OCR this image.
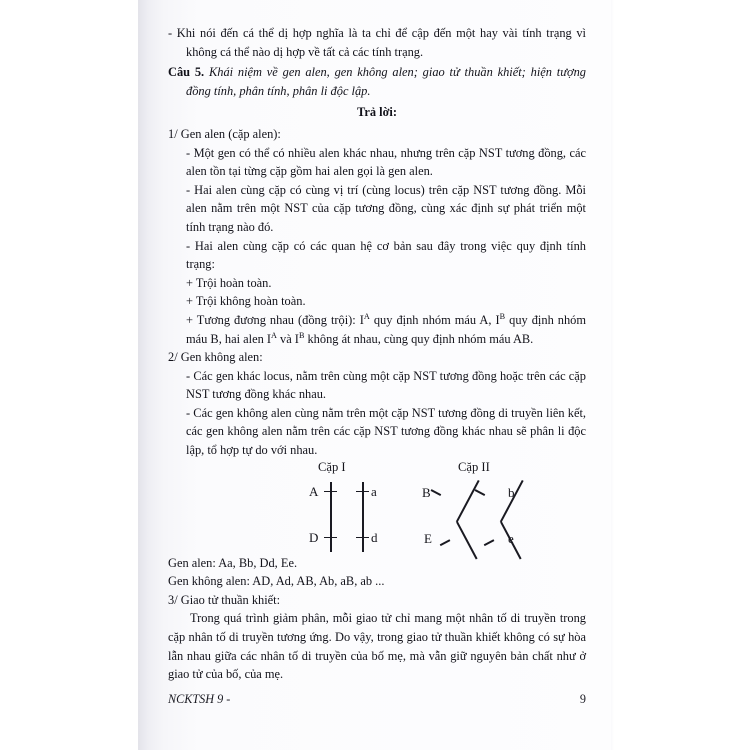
- Khi nói đến cá thể dị hợp nghĩa là ta chỉ để cập đến một hay vài tính trạng vì không cá thể nào dị hợp về tất cả các tính trạng.

Câu 5. Khái niệm về gen alen, gen không alen; giao tử thuần khiết; hiện tượng đồng tính, phân tính, phân li độc lập.

Trả lời:

1/ Gen alen (cặp alen):

- Một gen có thể có nhiều alen khác nhau, nhưng trên cặp NST tương đồng, các alen tồn tại từng cặp gồm hai alen gọi là gen alen.

- Hai alen cùng cặp có cùng vị trí (cùng locus) trên cặp NST tương đồng. Mỗi alen nằm trên một NST của cặp tương đồng, cùng xác định sự phát triển một tính trạng nào đó.

- Hai alen cùng cặp có các quan hệ cơ bản sau đây trong việc quy định tính trạng:

+ Trội hoàn toàn.

+ Trội không hoàn toàn.

+ Tương đương nhau (đồng trội): $I^A$ quy định nhóm máu A, $I^B$ quy định nhóm máu B, hai alen $I^A$ và $I^B$ không át nhau, cùng quy định nhóm máu AB.

2/ Gen không alen:

- Các gen khác locus, nằm trên cùng một cặp NST tương đồng hoặc trên các cặp NST tương đồng khác nhau.

- Các gen không alen cùng nằm trên một cặp NST tương đồng di truyền liên kết, các gen không alen nằm trên các cặp NST tương đồng khác nhau sẽ phân li độc lập, tổ hợp tự do với nhau.

Cặp I	Cặp II
A	a
D	d
B	b
E	e

Gen alen: Aa, Bb, Dd, Ee.

Gen không alen: AD, Ad, AB, Ab, aB, ab ...

3/ Giao tử thuần khiết:

Trong quá trình giảm phân, mỗi giao tử chỉ mang một nhân tố di truyền trong cặp nhân tố di truyền tương ứng. Do vậy, trong giao tử thuần khiết không có sự hòa lẫn nhau giữa các nhân tố di truyền của bố mẹ, mà vẫn giữ nguyên bản chất như ở giao tử của bố, của mẹ.

NCKTSH 9 -	9
